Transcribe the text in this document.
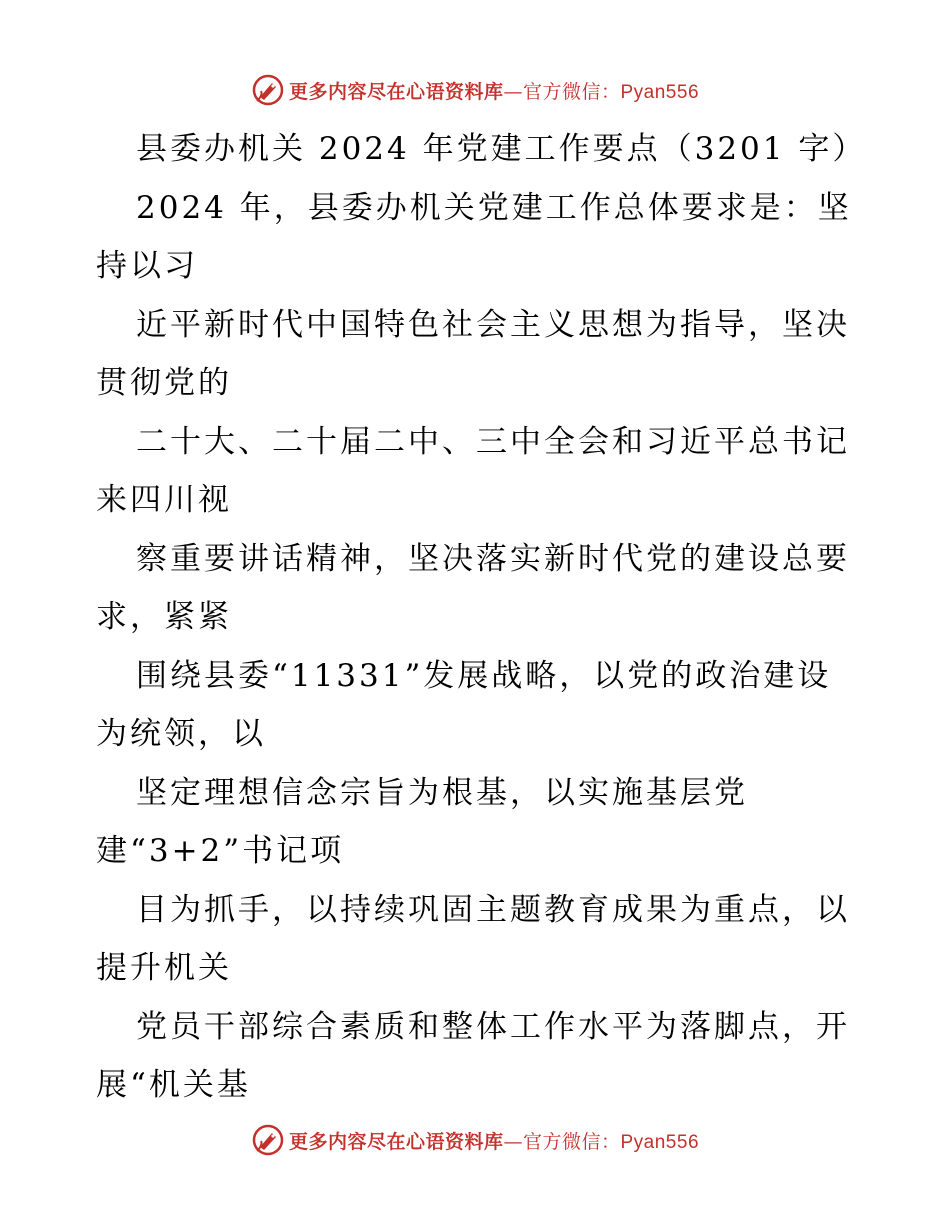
更多内容尽在心语资料库—官方微信：Pyan556
县委办机关 2024 年党建工作要点（3201 字）
2024 年，县委办机关党建工作总体要求是：坚
持以习
近平新时代中国特色社会主义思想为指导，坚决
贯彻党的
二十大、二十届二中、三中全会和习近平总书记
来四川视
察重要讲话精神，坚决落实新时代党的建设总要
求，紧紧
围绕县委“11331”发展战略，以党的政治建设
为统领，以
坚定理想信念宗旨为根基，以实施基层党
建“3+2”书记项
目为抓手，以持续巩固主题教育成果为重点，以
提升机关
党员干部综合素质和整体工作水平为落脚点，开
展“机关基
更多内容尽在心语资料库—官方微信：Pyan556
